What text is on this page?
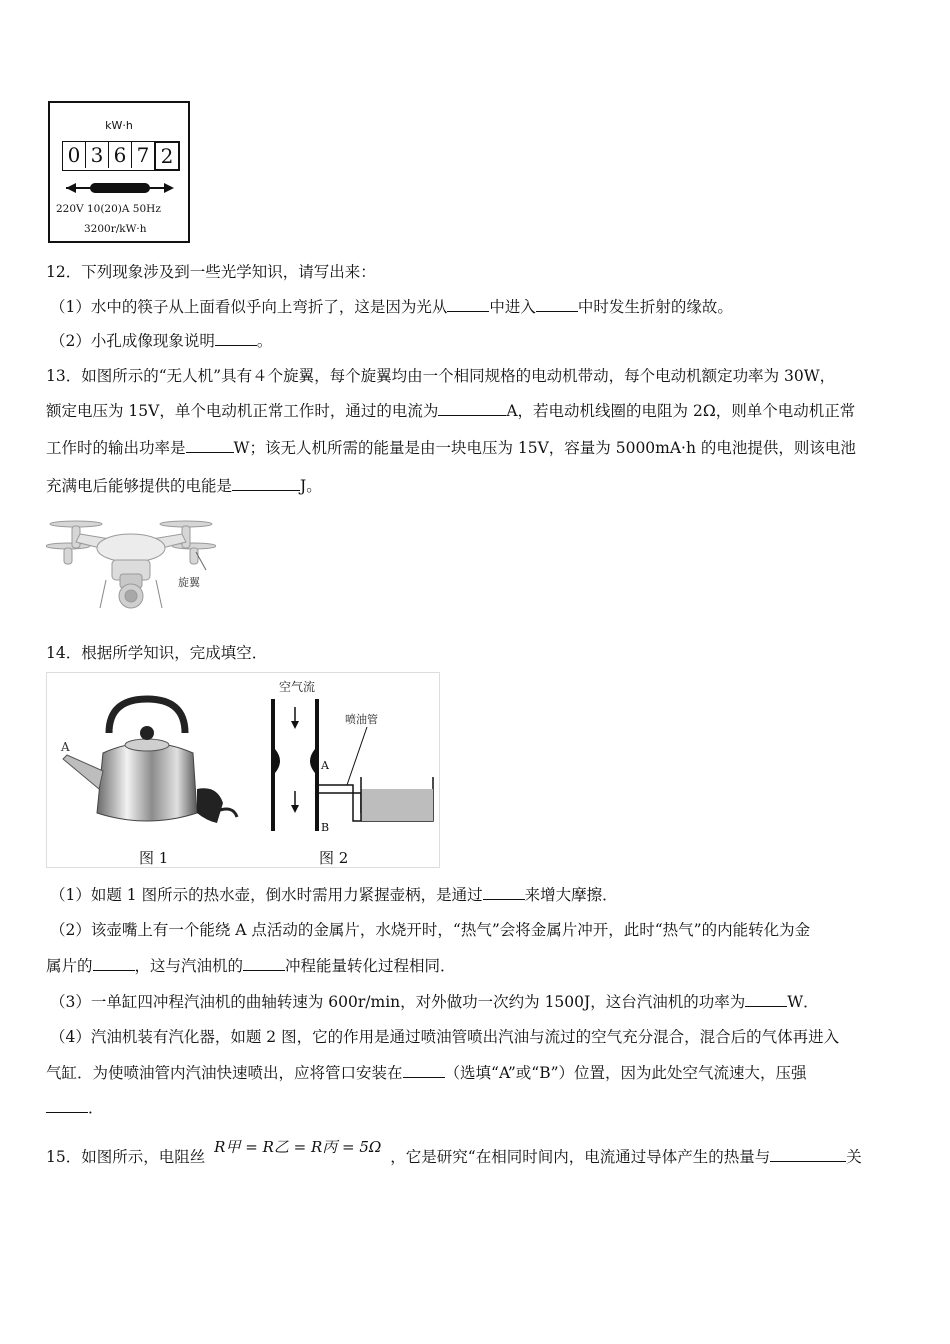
kW·h
0 3 6 7 2
220V 10(20)A 50Hz
3200r/kW·h
12．下列现象涉及到一些光学知识，请写出来：
（1）水中的筷子从上面看似乎向上弯折了，这是因为光从	中进入	中时发生折射的缘故。
（2）小孔成像现象说明	。
13．如图所示的“无人机”具有４个旋翼，每个旋翼均由一个相同规格的电动机带动，每个电动机额定功率为 30W，
额定电压为 15V，单个电动机正常工作时，通过的电流为	A，若电动机线圈的电阻为 2Ω，则单个电动机正常
工作时的输出功率是	W；该无人机所需的能量是由一块电压为 15V，容量为 5000mA·h 的电池提供，则该电池
充满电后能够提供的电能是	J。
旋翼
14．根据所学知识，完成填空．
A
图 1
空气流
A
B
喷油管
图 2
（1）如题 1 图所示的热水壶，倒水时需用力紧握壶柄，是通过	来增大摩擦．
（2）该壶嘴上有一个能绕 A 点活动的金属片，水烧开时，“热气”会将金属片冲开，此时“热气”的内能转化为金
属片的	，这与汽油机的	冲程能量转化过程相同．
（3）一单缸四冲程汽油机的曲轴转速为 600r/min，对外做功一次约为 1500J，这台汽油机的功率为	W．
（4）汽油机装有汽化器，如题 2 图，它的作用是通过喷油管喷出汽油与流过的空气充分混合，混合后的气体再进入
气缸．为使喷油管内汽油快速喷出，应将管口安装在	（选填“A”或“B”）位置，因为此处空气流速大，压强
．
15．如图所示，电阻丝 R甲 = R乙 = R丙 = 5Ω ，它是研究“在相同时间内，电流通过导体产生的热量与	关
